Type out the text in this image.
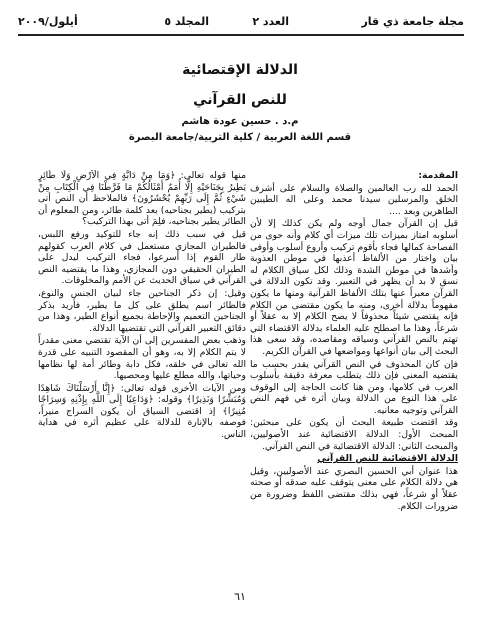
مجلة جامعة ذي قار
العدد ٢
المجلد ٥
أيلول/٢٠٠٩
الدلالة الإقتصائية
للنص القرآني
م.د . حسين عودة هاشم
قسم اللغة العربية / كلية التربية/جامعة البصرة

المقدمة:

الحمد لله رب العالمين والصلاة والسلام على أشرف الخلق والمرسلين سيدنا محمد وعلى اله الطيبين الطاهرين وبعد ....

قيل إن القرآن جمال أوجه ولم يكن كذلك إلا لأن أسلوبه امتاز بميزات تلك ميزات أي كلام وأنه حوى من الفصاحة كمالها فجاء بأقوم تركيب وأروع أسلوب وأوفى بيان واختار من الألفاظ أعذبها في موطن العذوبة وأشدها في موطن الشدة وذلك لكل سياق الكلام له نسق لا بد أن يظهر في التعبير. وقد تكون الدلالة في القرآن معبراً عنها بتلك الألفاظ القرآنية ومنها ما يكون مفهوماً بدلالة أخرى، ومنه ما يكون مقتضى من الكلام فإنه يقتضي شيئاً محذوفاً لا يصح الكلام إلا به عقلاً أو شرعاً، وهذا ما اصطلح عليه العلماء بدلالة الاقتضاء التي تهتم بالنص القرآني وسياقه ومقاصده، وقد سعى هذا البحث إلى بيان أنواعها ومواضعها في القرآن الكريم.

فإن كان المحذوف في النص القرآني يقدر بحسب ما يقتضيه المعنى فإن ذلك يتطلب معرفة دقيقة بأسلوب العرب في كلامها، ومن هنا كانت الحاجة إلى الوقوف على هذا النوع من الدلالة وبيان أثره في فهم النص القرآني وتوجيه معانيه.

وقد اقتضت طبيعة البحث أن يكون على مبحثين: المبحث الأول: الدلالة الاقتضائية عند الأصوليين، والمبحث الثاني: الدلالة الاقتضائية في النص القرآني.

الدلالة الاقتضائية للنص القرآني

هذا عنوان أبي الحسين البصري عند الأصوليين، وقيل هي دلالة الكلام على معنى يتوقف عليه صدقه أو صحته عقلاً أو شرعاً، فهي بذلك مقتضى اللفظ وضرورة من ضرورات الكلام.

منها قوله تعالى: ﴿وَمَا مِنْ دَابَّةٍ فِي الْأَرْضِ وَلَا طَائِرٍ يَطِيرُ بِجَنَاحَيْهِ إِلَّا أُمَمٌ أَمْثَالُكُمْ مَا فَرَّطْنَا فِي الْكِتَابِ مِنْ شَيْءٍ ثُمَّ إِلَى رَبِّهِمْ يُحْشَرُونَ﴾ فالملاحظ أن النص أتى بتركيب (يطير بجناحيه) بعد كلمة طائر، ومن المعلوم أن الطائر يطير بجناحيه، فلِمَ أتى بهذا التركيب؟

قيل في سبب ذلك إنه جاء للتوكيد ورفع اللبس، فالطيران المجازي مستعمل في كلام العرب كقولهم طار القوم إذا أسرعوا، فجاء التركيب ليدل على الطيران الحقيقي دون المجازي، وهذا ما يقتضيه النص القرآني في سياق الحديث عن الأمم والمخلوقات.

وقيل: إن ذكر الجناحين جاء لبيان الجنس والنوع، فالطائر اسم يطلق على كل ما يطير، فأريد بذكر الجناحين التعميم والإحاطة بجميع أنواع الطير، وهذا من دقائق التعبير القرآني التي تقتضيها الدلالة.

وذهب بعض المفسرين إلى أن الآية تقتضي معنى مقدراً لا يتم الكلام إلا به، وهو أن المقصود التنبيه على قدرة الله تعالى في خلقه، فكل دابة وطائر أمة لها نظامها وحياتها، والله مطلع عليها ومحصيها.

ومن الآيات الأخرى قوله تعالى: ﴿إِنَّا أَرْسَلْنَاكَ شَاهِدًا وَمُبَشِّرًا وَنَذِيرًا﴾ وقوله: ﴿وَدَاعِيًا إِلَى اللَّهِ بِإِذْنِهِ وَسِرَاجًا مُنِيرًا﴾ إذ اقتضى السياق أن يكون السراج منيراً، فوصفه بالإنارة للدلالة على عظيم أثره في هداية الناس.

٦١
